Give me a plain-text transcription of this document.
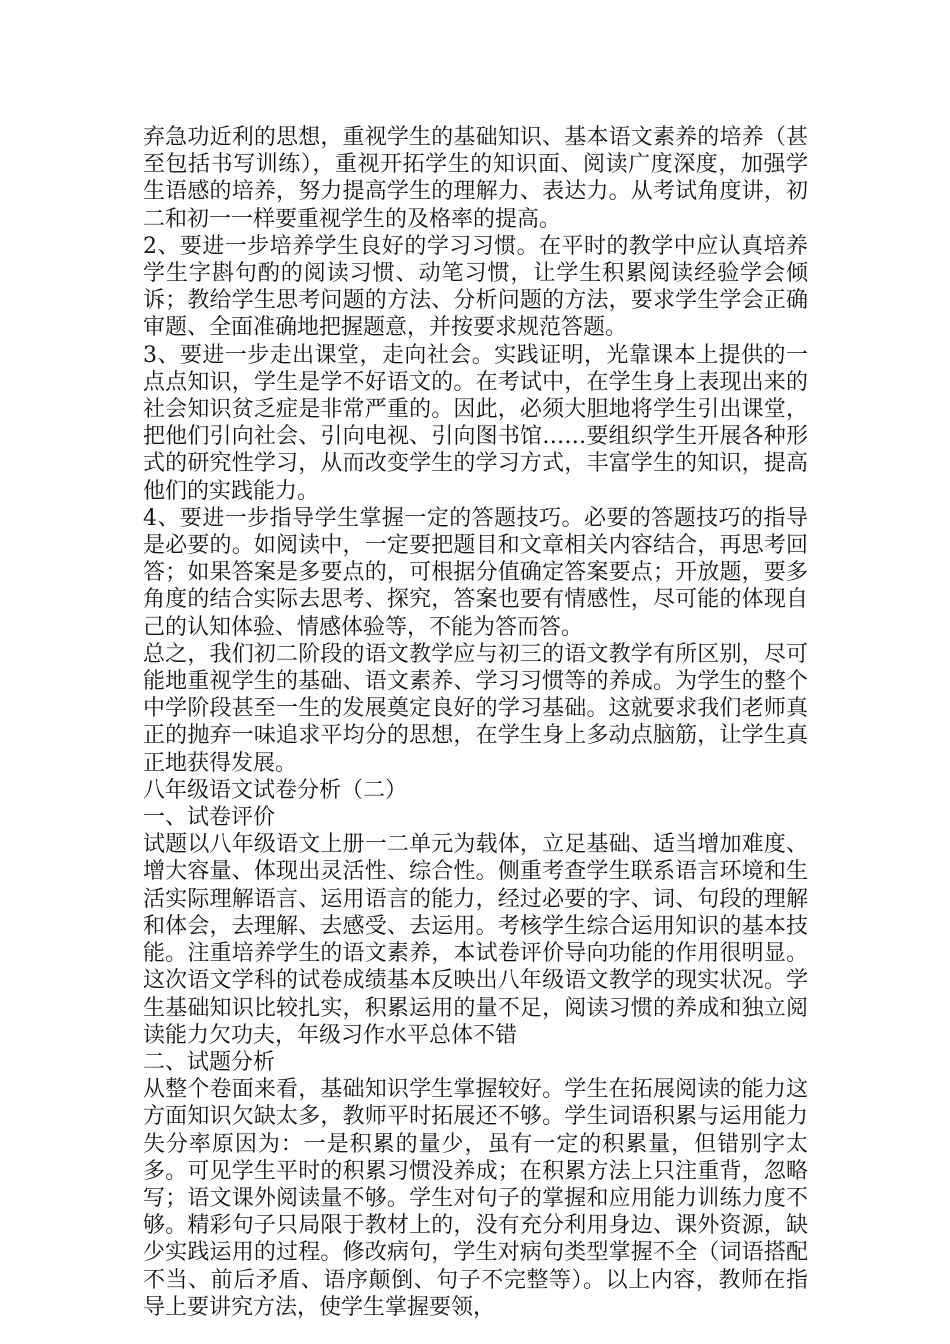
弃急功近利的思想，重视学生的基础知识、基本语文素养的培养（甚至包括书写训练），重视开拓学生的知识面、阅读广度深度，加强学生语感的培养，努力提高学生的理解力、表达力。从考试角度讲，初二和初一一样要重视学生的及格率的提高。

2、要进一步培养学生良好的学习习惯。在平时的教学中应认真培养学生字斟句酌的阅读习惯、动笔习惯，让学生积累阅读经验学会倾诉；教给学生思考问题的方法、分析问题的方法，要求学生学会正确审题、全面准确地把握题意，并按要求规范答题。

3、要进一步走出课堂，走向社会。实践证明，光靠课本上提供的一点点知识，学生是学不好语文的。在考试中，在学生身上表现出来的社会知识贫乏症是非常严重的。因此，必须大胆地将学生引出课堂，把他们引向社会、引向电视、引向图书馆……要组织学生开展各种形式的研究性学习，从而改变学生的学习方式，丰富学生的知识，提高他们的实践能力。

4、要进一步指导学生掌握一定的答题技巧。必要的答题技巧的指导是必要的。如阅读中，一定要把题目和文章相关内容结合，再思考回答；如果答案是多要点的，可根据分值确定答案要点；开放题，要多角度的结合实际去思考、探究，答案也要有情感性，尽可能的体现自己的认知体验、情感体验等，不能为答而答。

总之，我们初二阶段的语文教学应与初三的语文教学有所区别，尽可能地重视学生的基础、语文素养、学习习惯等的养成。为学生的整个中学阶段甚至一生的发展奠定良好的学习基础。这就要求我们老师真正的抛弃一味追求平均分的思想，在学生身上多动点脑筋，让学生真正地获得发展。

八年级语文试卷分析（二）

一、试卷评价

试题以八年级语文上册一二单元为载体，立足基础、适当增加难度、增大容量、体现出灵活性、综合性。侧重考查学生联系语言环境和生活实际理解语言、运用语言的能力，经过必要的字、词、句段的理解和体会，去理解、去感受、去运用。考核学生综合运用知识的基本技能。注重培养学生的语文素养，本试卷评价导向功能的作用很明显。这次语文学科的试卷成绩基本反映出八年级语文教学的现实状况。学生基础知识比较扎实，积累运用的量不足，阅读习惯的养成和独立阅读能力欠功夫，年级习作水平总体不错

二、试题分析

从整个卷面来看，基础知识学生掌握较好。学生在拓展阅读的能力这方面知识欠缺太多，教师平时拓展还不够。学生词语积累与运用能力失分率原因为：一是积累的量少，虽有一定的积累量，但错别字太多。可见学生平时的积累习惯没养成；在积累方法上只注重背，忽略写；语文课外阅读量不够。学生对句子的掌握和应用能力训练力度不够。精彩句子只局限于教材上的，没有充分利用身边、课外资源，缺少实践运用的过程。修改病句，学生对病句类型掌握不全（词语搭配不当、前后矛盾、语序颠倒、句子不完整等）。以上内容，教师在指导上要讲究方法，使学生掌握要领，
